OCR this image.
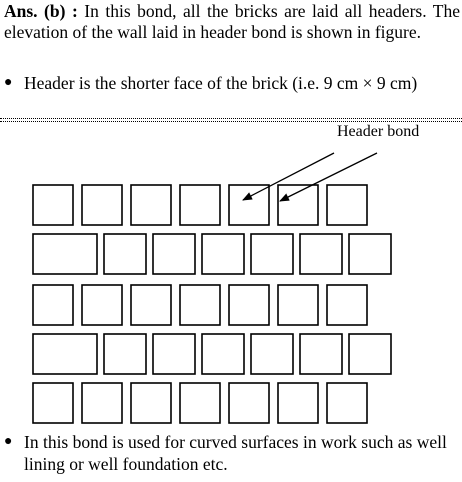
Ans. (b) : In this bond, all the bricks are laid all headers. The elevation of the wall laid in header bond is shown in figure.
● Header is the shorter face of the brick (i.e. 9 cm × 9 cm)
Header bond
● In this bond is used for curved surfaces in work such as well lining or well foundation etc.
